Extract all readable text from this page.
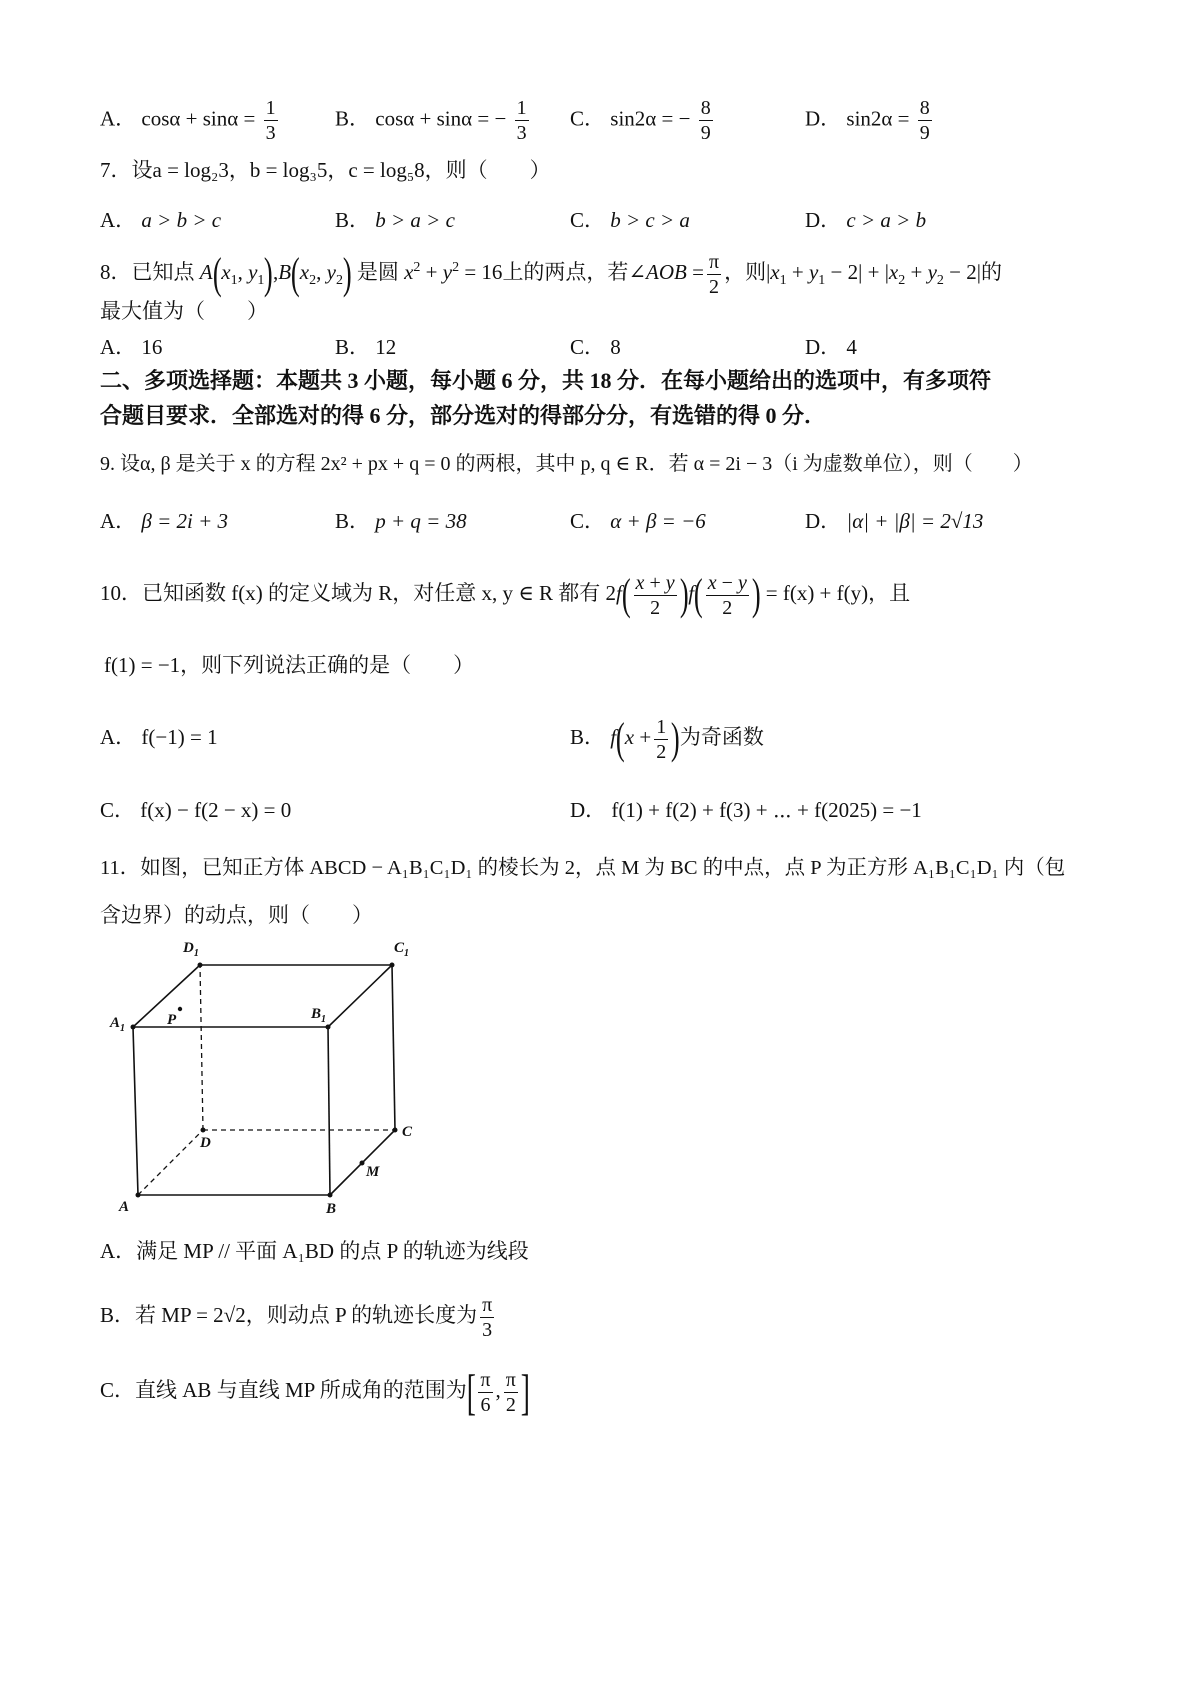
A． $\cos\alpha + \sin\alpha = \frac{1}{3}$	B． cosα + sinα = − $\frac{1}{3}$ C． sin2α = − $\frac{8}{9}$	D． $\sin 2\alpha = \frac{8}{9}$
7．设a = log₂3，b = log₃5，c = log₅8，则（　　）
A． a > b > c	B． b > a > c	C． b > c > a	D． c > a > b
8．已知点 $A(x_1$, $y_1),B(x_2$, $y_2$) 是圆 $x^2 + y^2 = 16$上的两点，若∠AOB = $\frac{\pi}{2}$ ，则$|x_1 + y_1 - 2| + |x_2 + y_2 - 2|$的
最大值为（　　）
A． 16	B． 12	C． 8	D． 4
二、多项选择题：本题共 3 小题，每小题 6 分，共 18 分．在每小题给出的选项中，有多项符
合题目要求．全部选对的得 6 分，部分选对的得部分分，有选错的得 0 分．
9. 设α, β 是关于 x 的方程 2x² + px + q = 0 的两根，其中 p, q ∈ R．若 α = 2i − 3（i 为虚数单位），则（　　）
A． β = 2i + 3	B． p + q = 38	C． α + β = −6	D． |α| + |β| = 2√13
10．已知函数 f(x) 的定义域为 R，对任意 x, y ∈ R 都有 $2f( \frac{x + y}{2} )f( \frac{x - y}{2}$ ) = f(x) + f(y)，且
f(1) = −1，则下列说法正确的是（　　）
A． f(−1) = 1	B． $f(x + \frac{1}{2}$ )为奇函数
C． f(x) − f(2 − x) = 0	D． f(1) + f(2) + f(3) + ⋯ + f(2025) = −1
11．如图，已知正方体 ABCD − A₁B₁C₁D₁ 的棱长为 2，点 M 为 BC 的中点，点 P 为正方形 A₁B₁C₁D₁ 内（包
含边界）的动点，则（　　）
$D_1$	$C_1$
$A_1$
$B_1$
P
D
C
M
A	B
A．满足 MP // 平面 A₁BD 的点 P 的轨迹为线段
B．若 MP = 2√2，则动点 P 的轨迹长度为 $\frac{\pi}{3}$
C．直线 AB 与直线 MP 所成角的范围为[ $\frac{\pi}{6}$ , $\frac{\pi}{2}$ ]
